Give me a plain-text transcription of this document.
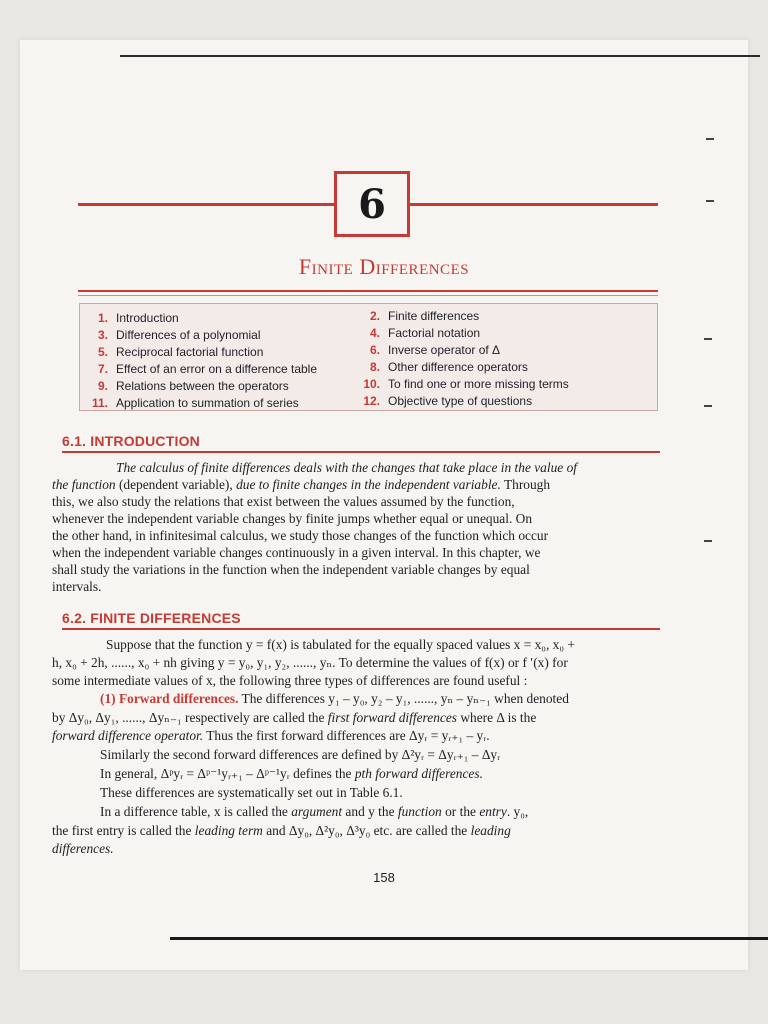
6
Finite Differences
1. Introduction	2. Finite differences
3. Differences of a polynomial	4. Factorial notation
5. Reciprocal factorial function	6. Inverse operator of Δ
7. Effect of an error on a difference table	8. Other difference operators
9. Relations between the operators	10. To find one or more missing terms
11. Application to summation of series	12. Objective type of questions
6.1. INTRODUCTION
The calculus of finite differences deals with the changes that take place in the value of
the function (dependent variable), due to finite changes in the independent variable. Through
this, we also study the relations that exist between the values assumed by the function,
whenever the independent variable changes by finite jumps whether equal or unequal. On
the other hand, in infinitesimal calculus, we study those changes of the function which occur
when the independent variable changes continuously in a given interval. In this chapter, we
shall study the variations in the function when the independent variable changes by equal
intervals.
6.2. FINITE DIFFERENCES
Suppose that the function y = f(x) is tabulated for the equally spaced values x = x₀, x₀ +
h, x₀ + 2h, ......, x₀ + nh giving y = y₀, y₁, y₂, ......, yₙ. To determine the values of f(x) or f ′(x) for
some intermediate values of x, the following three types of differences are found useful :
(1) Forward differences. The differences y₁ – y₀, y₂ – y₁, ......, yₙ – yₙ₋₁ when denoted
by Δy₀, Δy₁, ......, Δyₙ₋₁ respectively are called the first forward differences where Δ is the
forward difference operator. Thus the first forward differences are Δyᵣ = yᵣ₊₁ – yᵣ.
Similarly the second forward differences are defined by Δ²yᵣ = Δyᵣ₊₁ – Δyᵣ
In general, Δᵖyᵣ = Δᵖ⁻¹yᵣ₊₁ – Δᵖ⁻¹yᵣ defines the pth forward differences.
These differences are systematically set out in Table 6.1.
In a difference table, x is called the argument and y the function or the entry. y₀,
the first entry is called the leading term and Δy₀, Δ²y₀, Δ³y₀ etc. are called the leading
differences.
158
